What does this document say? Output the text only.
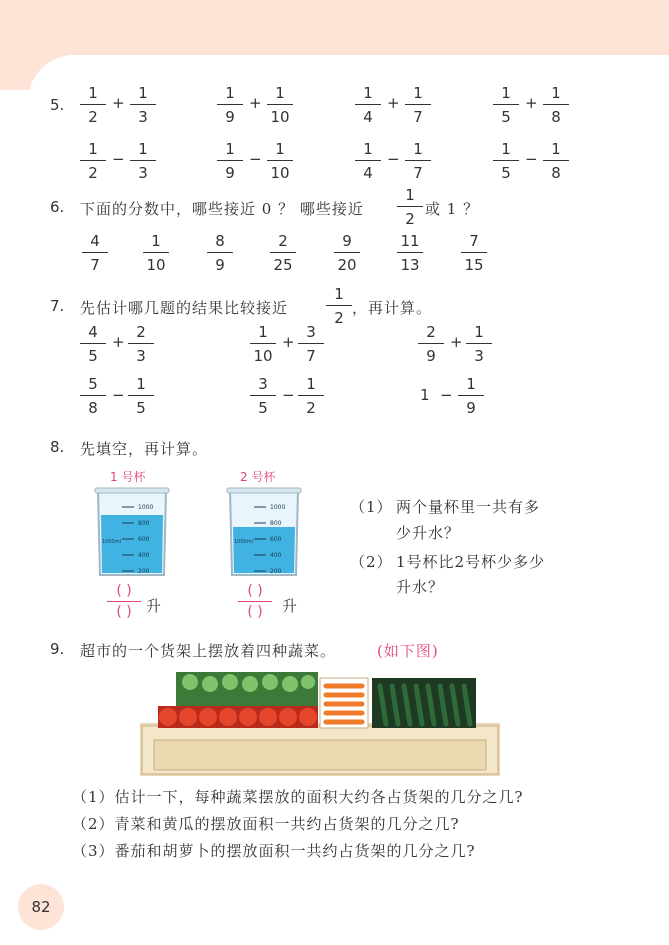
5.
1
2
+
1
3
1
9
+
1
10
1
4
+
1
7
1
5
+
1
8
1
2
−
1
3
1
9
−
1
10
1
4
−
1
7
1
5
−
1
8
6. 下面的分数中，哪些接近 0 ？ 哪些接近
1
2
或 1 ？
4
7
1
10
8
9
2
25
9
20
11
13
7
15
7. 先估计哪几题的结果比较接近
1
2
，再计算。
4
5
+
2
3
1
10
+
3
7
2
9
+
1
3
5
8
−
1
5
3
5
−
1
2
1 −
1
9
8. 先填空，再计算。
1 号杯	2 号杯
1000
800
600
400
200
1000ml
1000
800
600
400
200
1000ml
( )
( ) 升
( )
( ) 升
（1） 两个量杯里一共有多
少升水？
（2） 1号杯比2号杯少多少
升水？
9. 超市的一个货架上摆放着四种蔬菜。	(如下图)
（1）估计一下，每种蔬菜摆放的面积大约各占货架的几分之几?
（2）青菜和黄瓜的摆放面积一共约占货架的几分之几?
（3）番茄和胡萝卜的摆放面积一共约占货架的几分之几?
82
